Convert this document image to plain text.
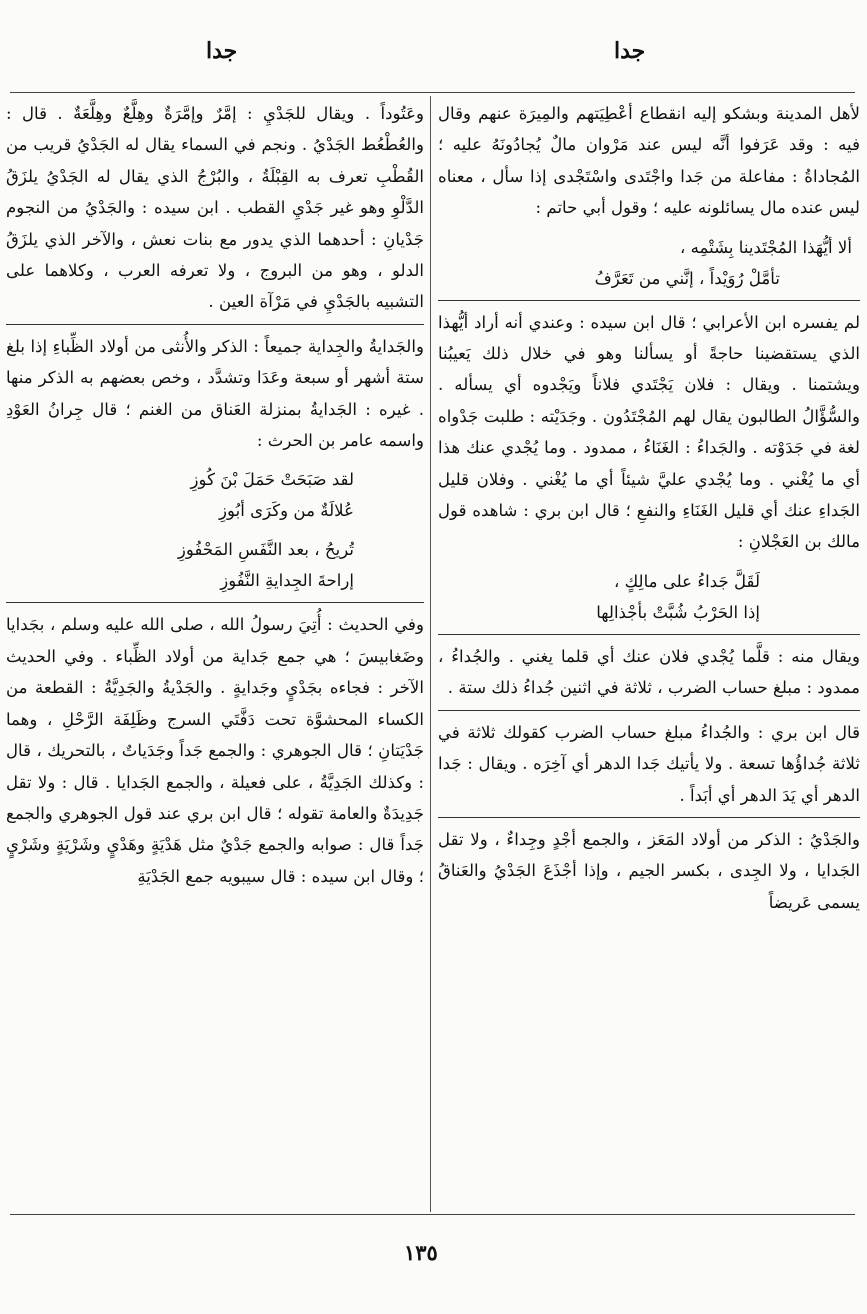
جدا
جدا

لأهل المدينة وبشكو إليه انقطاع أعْطِيَتهم والمِيرَة عنهم وقال فيه : وقد عَرَفوا أنَّه ليس عند مَرْوان مالٌ يُجادُونَهُ عليه ؛ المُجاداةُ : مفاعلة من جَدا واجْتَدى واسْتَجْدى إذا سأل ، معناه ليس عنده مال يسائلونه عليه ؛ وقول أبي حاتم :

ألا أيُّهَذا المُجْتَدينا بِشَتْمِه ،
تأمَّلْ رُوَيْداً ، إنَّني من تَعَرَّفُ

لم يفسره ابن الأعرابي ؛ قال ابن سيده : وعندي أنه أراد أيُّهذا الذي يستقضينا حاجةً أو يسألنا وهو في خلال ذلك يَعيبُنا ويشتمنا . ويقال : فلان يَجْتَدي فلاناً ويَجْدوه أي يسأله . والسُّؤَّالُ الطالبون يقال لهم المُجْتَدُون . وجَدَيْته : طلبت جَدْواه لغة في جَدَوْته . والجَداءُ : الغَنَاءُ ، ممدود . وما يُجْدي عنك هذا أي ما يُغْني . وما يُجْدي عليَّ شيئاً أي ما يُغْني . وفلان قليل الجَداءِ عنك أي قليل الغَنَاءِ والنفعِ ؛ قال ابن بري : شاهده قول مالك بن العَجْلانِ :

لَقَلَّ جَداءُ على مالِكٍ ،
إذا الحَرْبُ شُبَّتْ بأجْذالِها

ويقال منه : قلَّما يُجْدي فلان عنك أي قلما يغني . والجُداءُ ، ممدود : مبلغ حساب الضرب ، ثلاثة في اثنين جُداءُ ذلك ستة .

قال ابن بري : والجُداءُ مبلغ حساب الضرب كقولك ثلاثة في ثلاثة جُداؤُها تسعة . ولا يأتيك جَدا الدهر أي آخِرَه . ويقال : جَدا الدهر أي يَدَ الدهر أي أبَداً .

والجَدْيُ : الذكر من أولاد المَعَز ، والجمع أجْدٍ وجِداءٌ ، ولا تقل الجَدايا ، ولا الجِدى ، بكسر الجيم ، وإذا أجْذَعَ الجَدْيُ والعَناقُ يسمى عَريضاً

وعَتُوداً . ويقال للجَدْيِ : إمَّرٌ وإمَّرَةٌ وهِلَّعٌ وهِلَّعَةٌ . قال : والعُطْعُط الجَدْيُ . ونجم في السماء يقال له الجَدْيُ قريب من القُطْبِ تعرف به القِبْلَةُ ، والبُرْجُ الذي يقال له الجَدْيُ يلزَقُ الدَّلْوِ وهو غير جَدْيِ القطب . ابن سيده : والجَدْيُ من النجوم جَدْيانِ : أحدهما الذي يدور مع بنات نعش ، والآخر الذي يلزَقُ الدلو ، وهو من البروج ، ولا تعرفه العرب ، وكلاهما على التشبيه بالجَدْيِ في مَرْآة العين .

والجَدايةُ والجِداية جميعاً : الذكر والأُنثى من أولاد الظِّباءِ إذا بلغ ستة أشهر أو سبعة وعَدَا وتشدَّد ، وخص بعضهم به الذكر منها . غيره : الجَدايةُ بمنزلة العَناق من الغنم ؛ قال جِرانُ العَوْدِ واسمه عامر بن الحرث :

لقد صَبَحَتْ حَمَلَ بْنَ كُوزِ
عُلالَةٌ من وكَرَى أبُوزِ
تُريحُ ، بعد النَّفَسِ المَحْفُوزِ
إراحةَ الجِدايةِ النَّفُوزِ

وفي الحديث : أُتِيَ رسولُ الله ، صلى الله عليه وسلم ، بجَدايا وضَغابيسَ ؛ هي جمع جَداية من أولاد الظِّباء . وفي الحديث الآخر : فجاءه بجَدْيٍ وجَدايةٍ . والجَدْيةُ والجَدِيَّةُ : القطعة من الكساء المحشوَّة تحت دَفَّتَي السرج وظَلِفَة الرَّحْلِ ، وهما جَدْيَتانِ ؛ قال الجوهري : والجمع جَداً وجَدَياتٌ ، بالتحريك ، قال : وكذلك الجَدِيَّةُ ، على فعيلة ، والجمع الجَدايا . قال : ولا تقل جَدِيدَةٌ والعامة تقوله ؛ قال ابن بري عند قول الجوهري والجمع جَداً قال : صوابه والجمع جَدْيٌ مثل هَدْيَةٍ وهَدْيٍ وشَرْيَةٍ وشَرْيٍ ؛ وقال ابن سيده : قال سيبويه جمع الجَدْيَةِ

١٣٥
